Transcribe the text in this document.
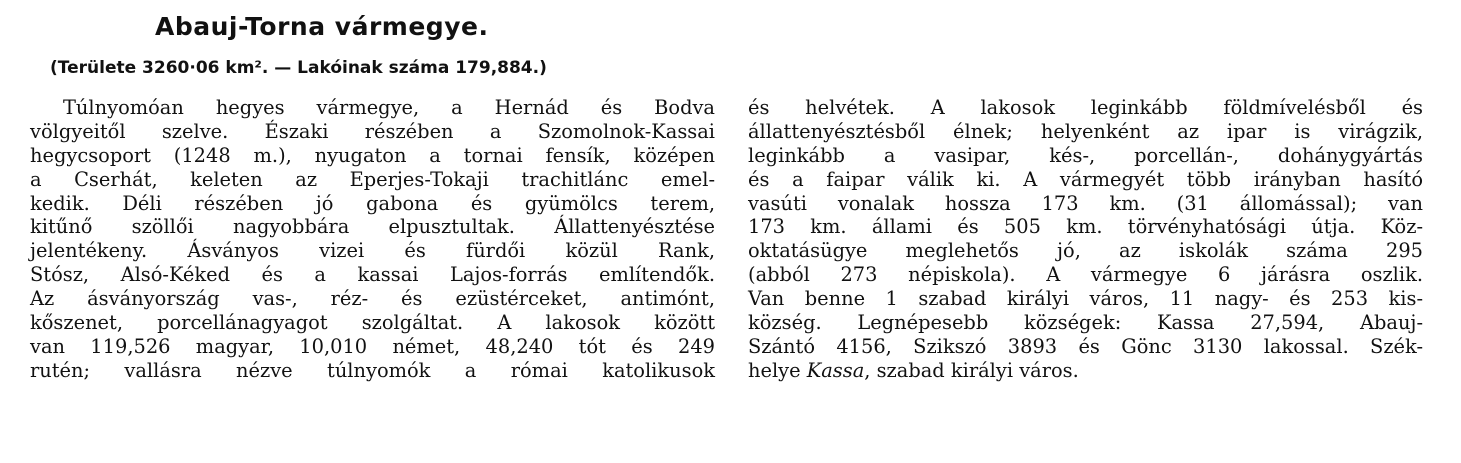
Abauj-Torna vármegye.
(Területe 3260·06 km². — Lakóinak száma 179,884.)
Túlnyomóan hegyes vármegye, a Hernád és Bodva
völgyeitől szelve. Északi részében a Szomolnok-Kassai
hegycsoport (1248 m.), nyugaton a tornai fensík, középen
a Cserhát, keleten az Eperjes-Tokaji trachitlánc emel-
kedik. Déli részében jó gabona és gyümölcs terem,
kitűnő szöllői nagyobbára elpusztultak. Állattenyésztése
jelentékeny. Ásványos vizei és fürdői közül Rank,
Stósz, Alsó-Kéked és a kassai Lajos-forrás említendők.
Az ásványország vas-, réz- és ezüstérceket, antimónt,
kőszenet, porcellánagyagot szolgáltat. A lakosok között
van 119,526 magyar, 10,010 német, 48,240 tót és 249
rutén; vallásra nézve túlnyomók a római katolikusok
és helvétek. A lakosok leginkább földmívelésből és
állattenyésztésből élnek; helyenként az ipar is virágzik,
leginkább a vasipar, kés-, porcellán-, dohánygyártás
és a faipar válik ki. A vármegyét több irányban hasító
vasúti vonalak hossza 173 km. (31 állomással); van
173 km. állami és 505 km. törvényhatósági útja. Köz-
oktatásügye meglehetős jó, az iskolák száma 295
(abból 273 népiskola). A vármegye 6 járásra oszlik.
Van benne 1 szabad királyi város, 11 nagy- és 253 kis-
község. Legnépesebb községek: Kassa 27,594, Abauj-
Szántó 4156, Szikszó 3893 és Gönc 3130 lakossal. Szék-
helye Kassa, szabad királyi város.
